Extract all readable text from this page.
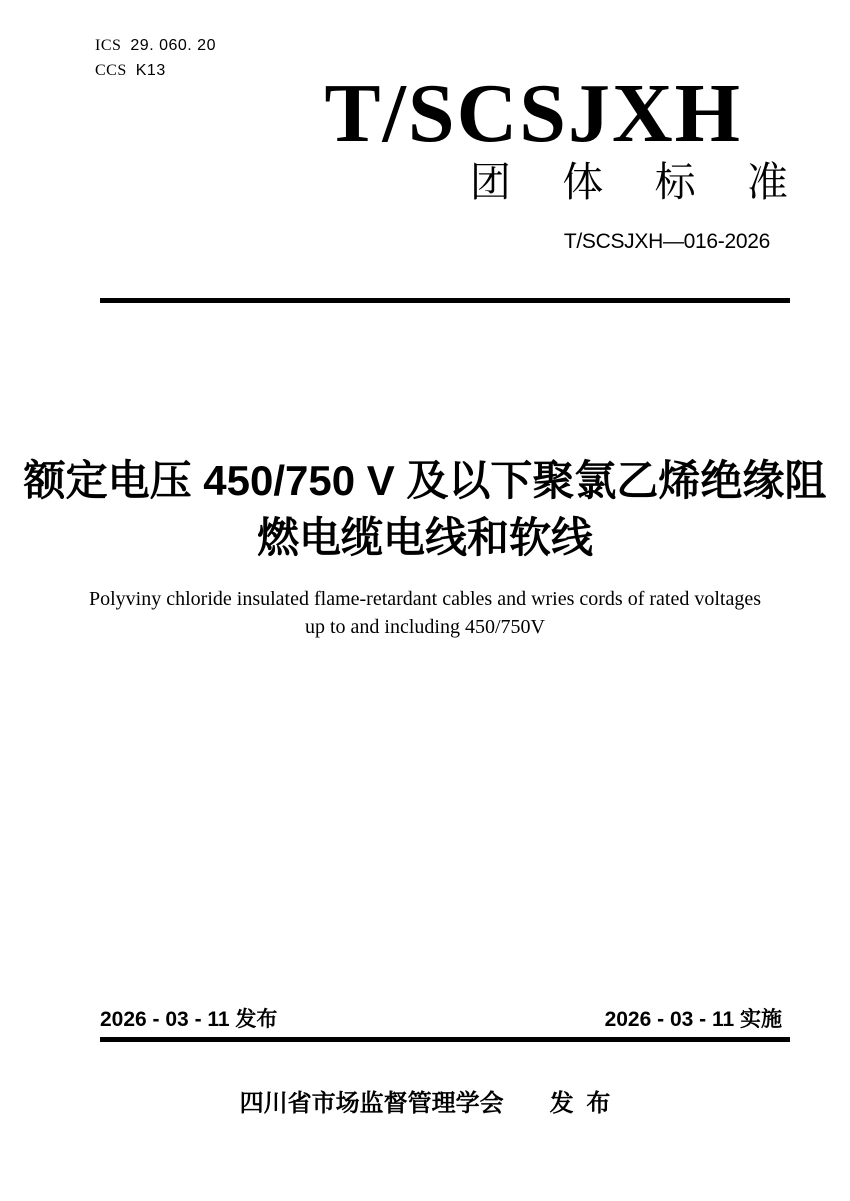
ICS 29. 060. 20
CCS K13	T/SCSJXH
团 体 标 准
T/SCSJXH—016-2026
额定电压 450/750 V 及以下聚氯乙烯绝缘阻
燃电缆电线和软线
Polyviny chloride insulated flame-retardant cables and wries cords of rated voltages
up to and including 450/750V
2026 - 03 - 11 发布	2026 - 03 - 11 实施
四川省市场监督管理学会 发 布
